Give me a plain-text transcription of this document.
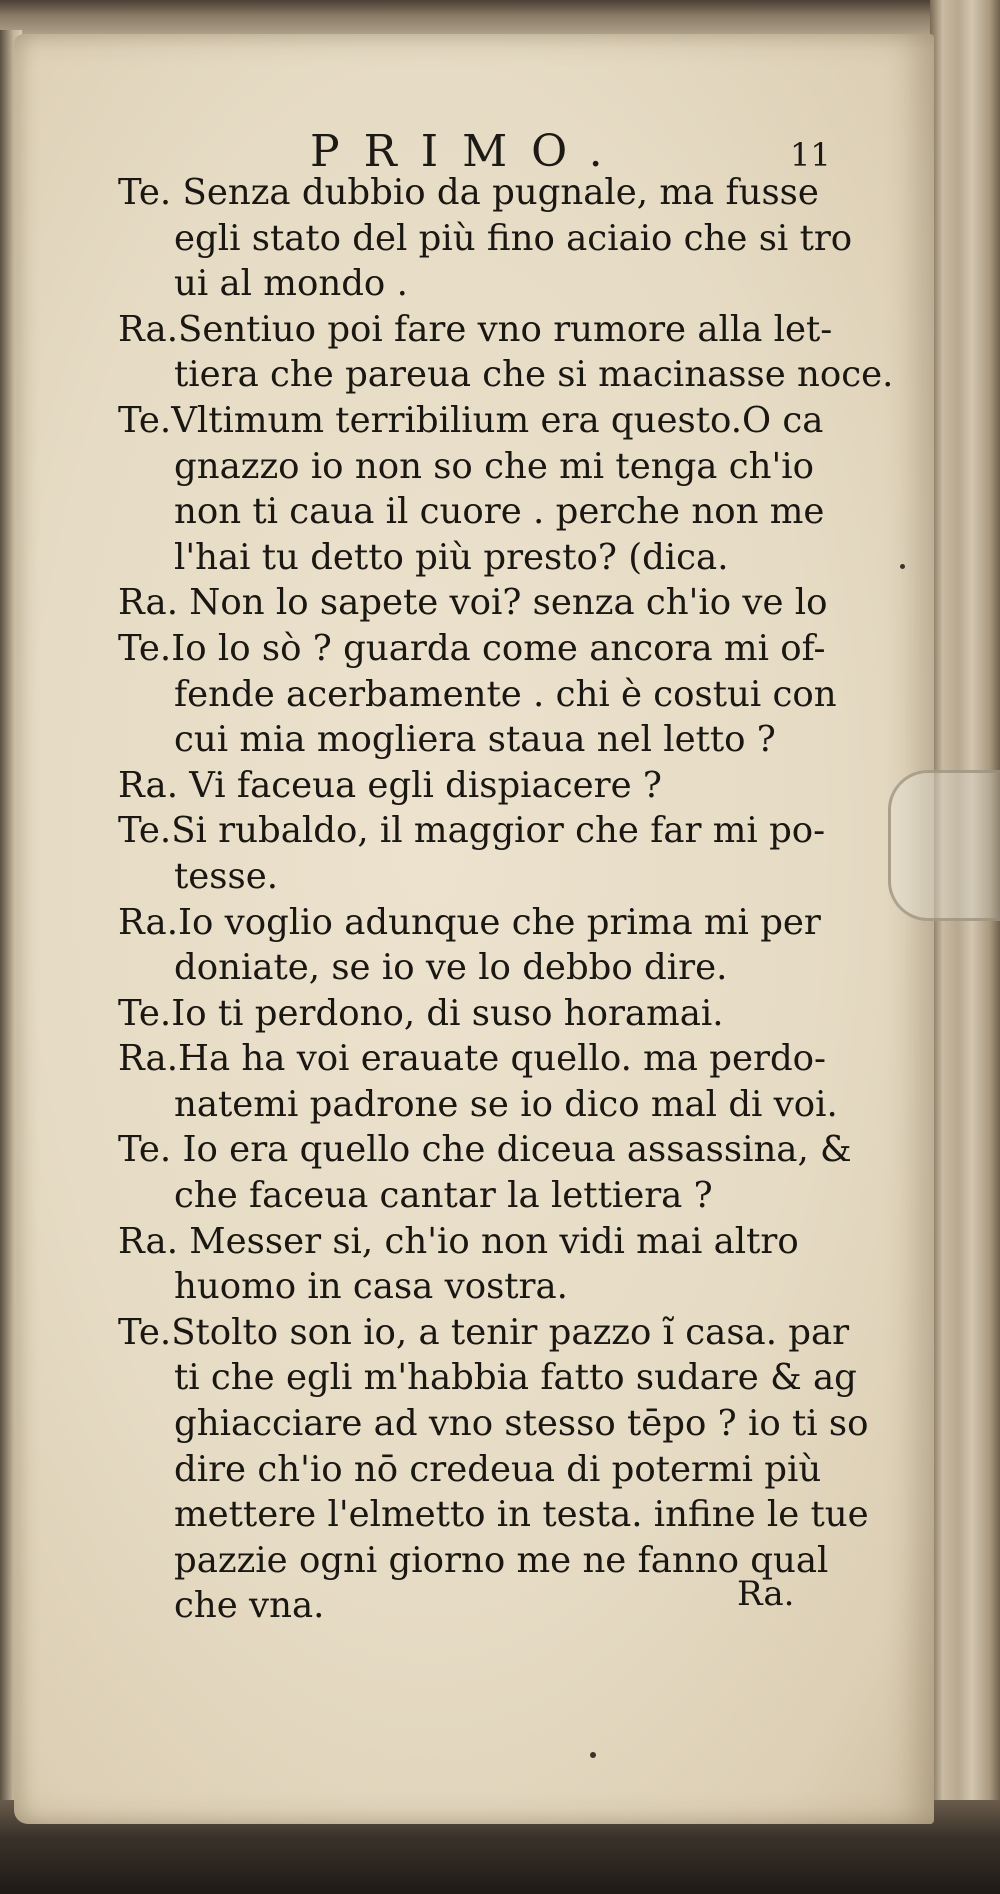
PRIMO.	11
Te. Senza dubbio da pugnale, ma fusse
egli stato del più fino aciaio che si tro
ui al mondo .
Ra.Sentiuo poi fare vno rumore alla let-
tiera che pareua che si macinasse noce.
Te.Vltimum terribilium era questo.O ca
gnazzo io non so che mi tenga ch'io
non ti caua il cuore . perche non me
l'hai tu detto più presto? (dica.
Ra. Non lo sapete voi? senza ch'io ve lo
Te.Io lo sò ? guarda come ancora mi of-
fende acerbamente . chi è costui con
cui mia mogliera staua nel letto ?
Ra. Vi faceua egli dispiacere ?
Te.Si rubaldo, il maggior che far mi po-
tesse.
Ra.Io voglio adunque che prima mi per
doniate, se io ve lo debbo dire.
Te.Io ti perdono, di suso horamai.
Ra.Ha ha voi erauate quello. ma perdo-
natemi padrone se io dico mal di voi.
Te. Io era quello che diceua assassina, &
che faceua cantar la lettiera ?
Ra. Messer si, ch'io non vidi mai altro
huomo in casa vostra.
Te.Stolto son io, a tenir pazzo ĩ casa. par
ti che egli m'habbia fatto sudare & ag
ghiacciare ad vno stesso tēpo ? io ti so
dire ch'io nō credeua di potermi più
mettere l'elmetto in testa. infine le tue
pazzie ogni giorno me ne fanno qual
che vna.	Ra.
